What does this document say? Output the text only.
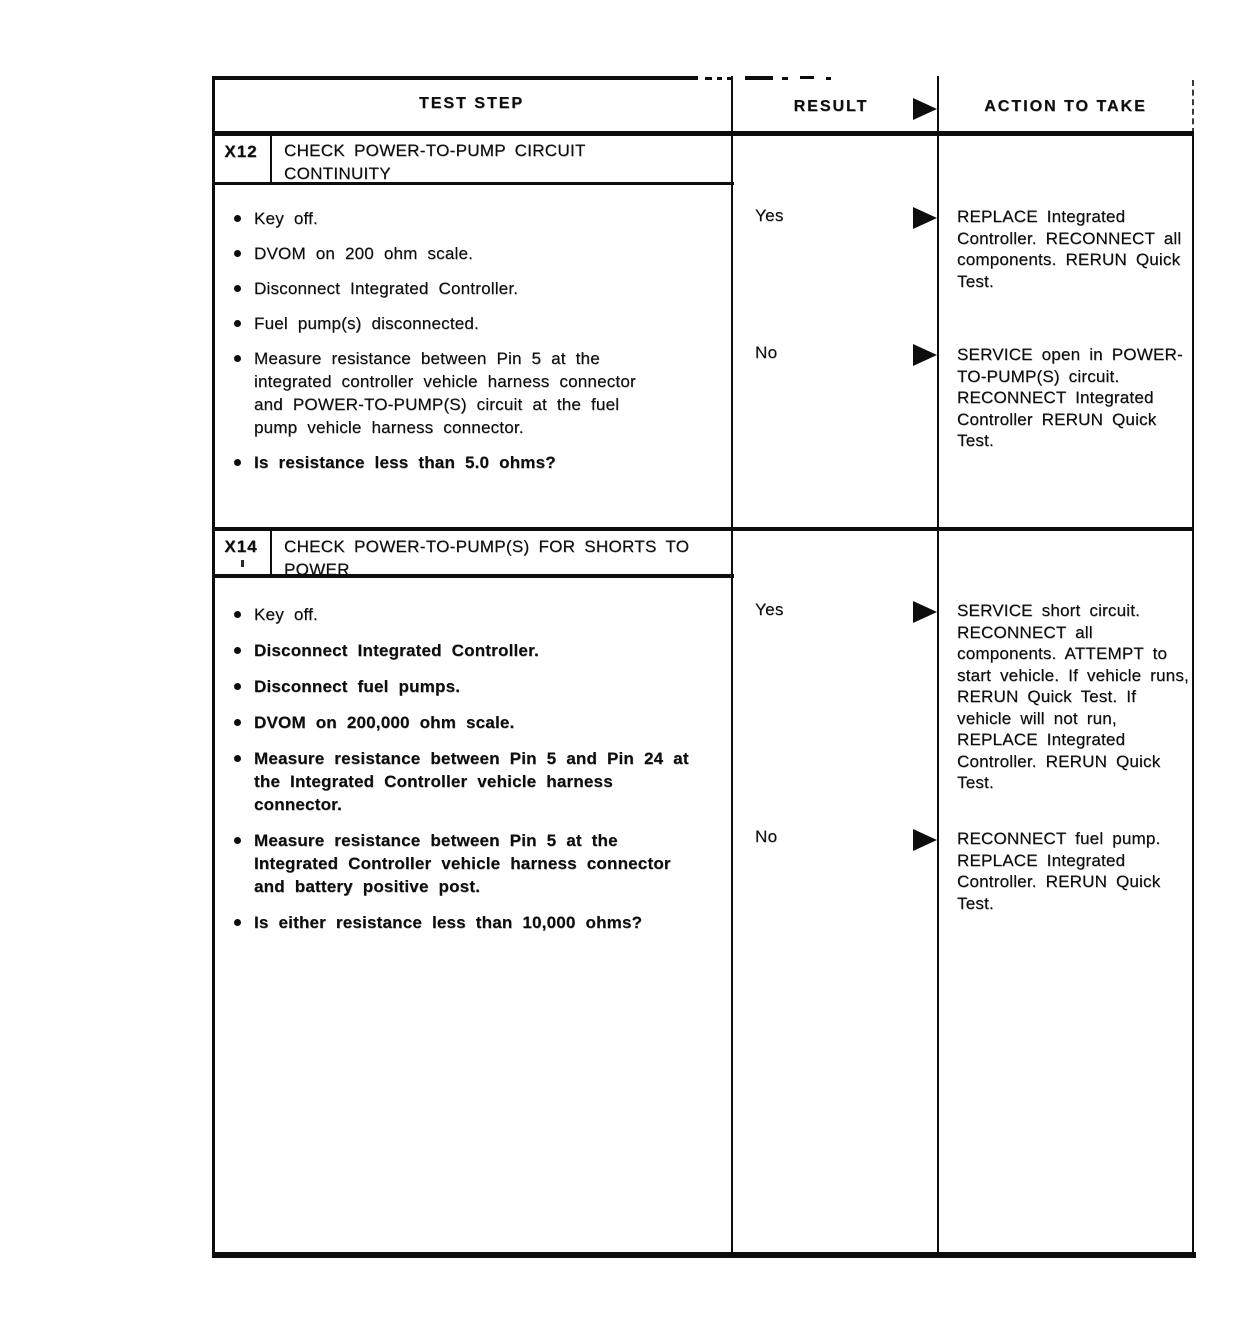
TEST STEP	RESULT	ACTION TO TAKE
X12	CHECK POWER-TO-PUMP CIRCUIT CONTINUITY
Key off.
DVOM on 200 ohm scale.
Disconnect Integrated Controller.
Fuel pump(s) disconnected.
Measure resistance between Pin 5 at the integrated controller vehicle harness connector and POWER-TO-PUMP(S) circuit at the fuel pump vehicle harness connector.
Is resistance less than 5.0 ohms?
Yes	REPLACE Integrated Controller. RECONNECT all components. RERUN Quick Test.
No	SERVICE open in POWER-TO-PUMP(S) circuit. RECONNECT Integrated Controller RERUN Quick Test.
X14	CHECK POWER-TO-PUMP(S) FOR SHORTS TO POWER
Key off.
Disconnect Integrated Controller.
Disconnect fuel pumps.
DVOM on 200,000 ohm scale.
Measure resistance between Pin 5 and Pin 24 at the Integrated Controller vehicle harness connector.
Measure resistance between Pin 5 at the Integrated Controller vehicle harness connector and battery positive post.
Is either resistance less than 10,000 ohms?
Yes	SERVICE short circuit. RECONNECT all components. ATTEMPT to start vehicle. If vehicle runs, RERUN Quick Test. If vehicle will not run, REPLACE Integrated Controller. RERUN Quick Test.
No	RECONNECT fuel pump. REPLACE Integrated Controller. RERUN Quick Test.
